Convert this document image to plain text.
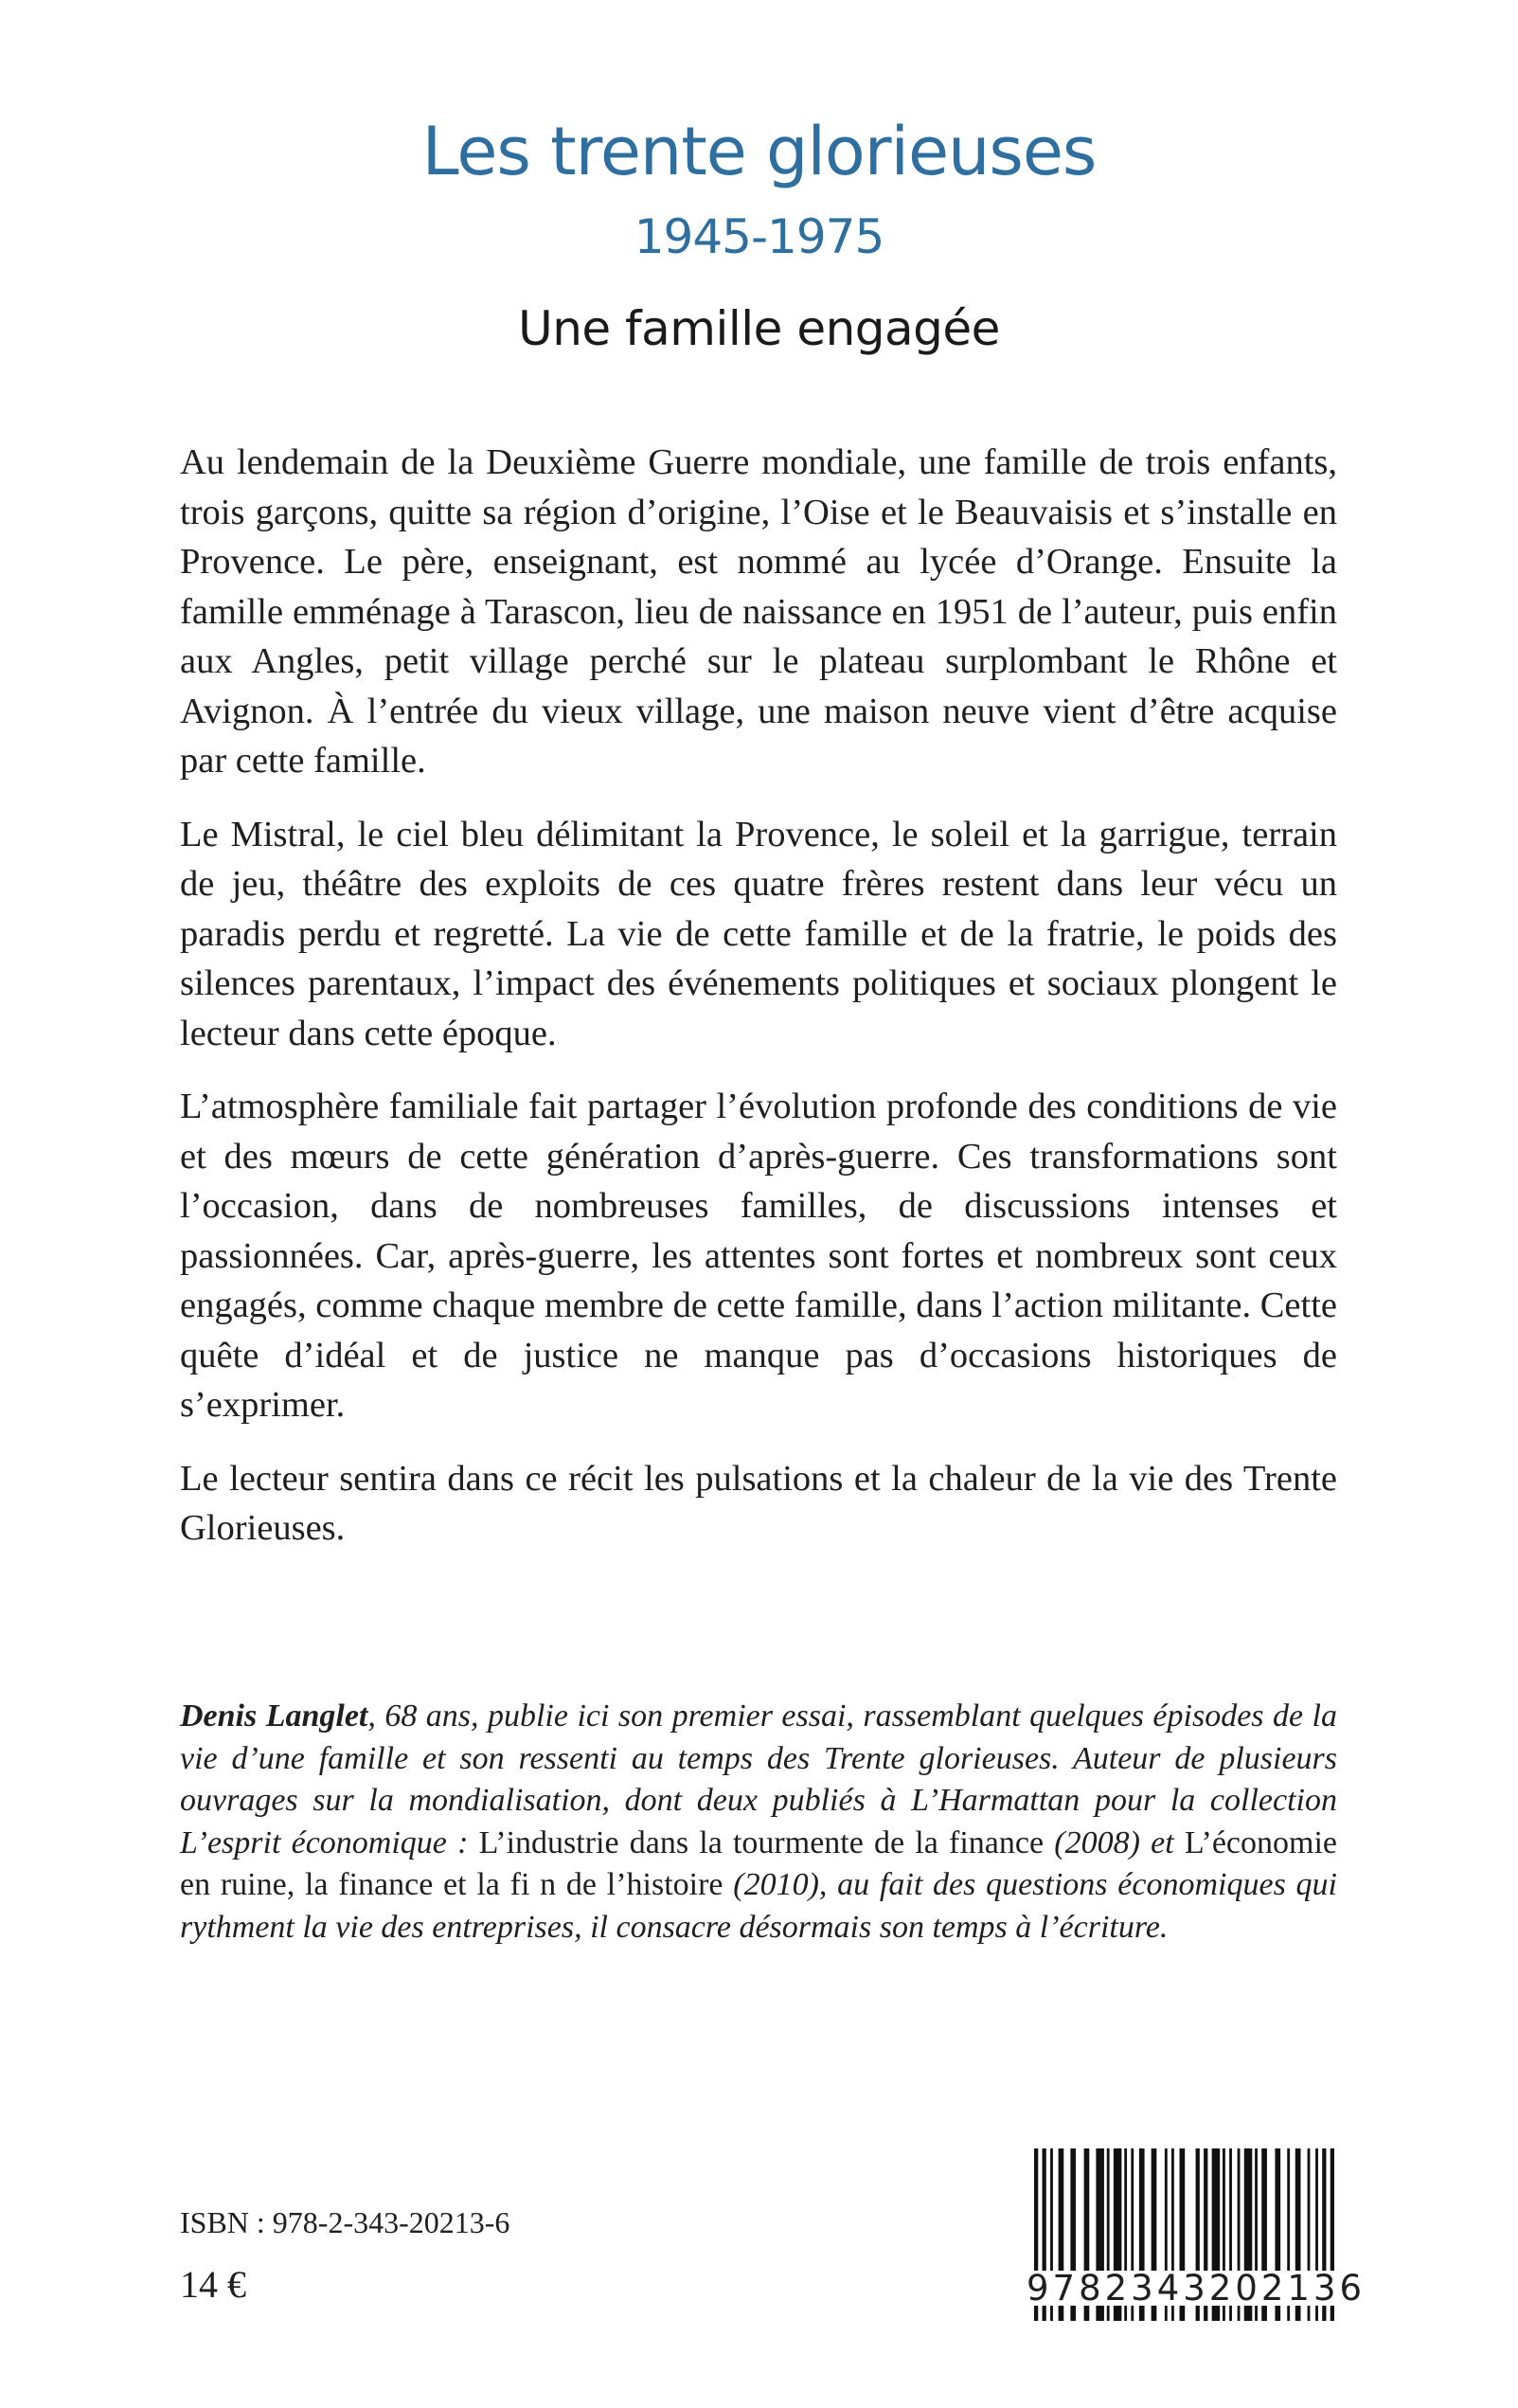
Les trente glorieuses
1945-1975
Une famille engagée

Au lendemain de la Deuxième Guerre mondiale, une famille de trois enfants, trois garçons, quitte sa région d’origine, l’Oise et le Beauvaisis et s’installe en Provence. Le père, enseignant, est nommé au lycée d’Orange. Ensuite la famille emménage à Tarascon, lieu de naissance en 1951 de l’auteur, puis enfin aux Angles, petit village perché sur le plateau surplombant le Rhône et Avignon. À l’entrée du vieux village, une maison neuve vient d’être acquise par cette famille.

Le Mistral, le ciel bleu délimitant la Provence, le soleil et la garrigue, terrain de jeu, théâtre des exploits de ces quatre frères restent dans leur vécu un paradis perdu et regretté. La vie de cette famille et de la fratrie, le poids des silences parentaux, l’impact des événements politiques et sociaux plongent le lecteur dans cette époque.

L’atmosphère familiale fait partager l’évolution profonde des conditions de vie et des mœurs de cette génération d’après-guerre. Ces transformations sont l’occasion, dans de nombreuses familles, de discussions intenses et passionnées. Car, après-guerre, les attentes sont fortes et nombreux sont ceux engagés, comme chaque membre de cette famille, dans l’action militante. Cette quête d’idéal et de justice ne manque pas d’occasions historiques de s’exprimer.

Le lecteur sentira dans ce récit les pulsations et la chaleur de la vie des Trente Glorieuses.

Denis Langlet, 68 ans, publie ici son premier essai, rassemblant quelques épisodes de la vie d’une famille et son ressenti au temps des Trente glorieuses. Auteur de plusieurs ouvrages sur la mondialisation, dont deux publiés à L’Harmattan pour la collection L’esprit économique : L’industrie dans la tourmente de la finance (2008) et L’économie en ruine, la finance et la fi n de l’histoire (2010), au fait des questions économiques qui rythment la vie des entreprises, il consacre désormais son temps à l’écriture.

ISBN : 978-2-343-20213-6
14 €	9782343202136
